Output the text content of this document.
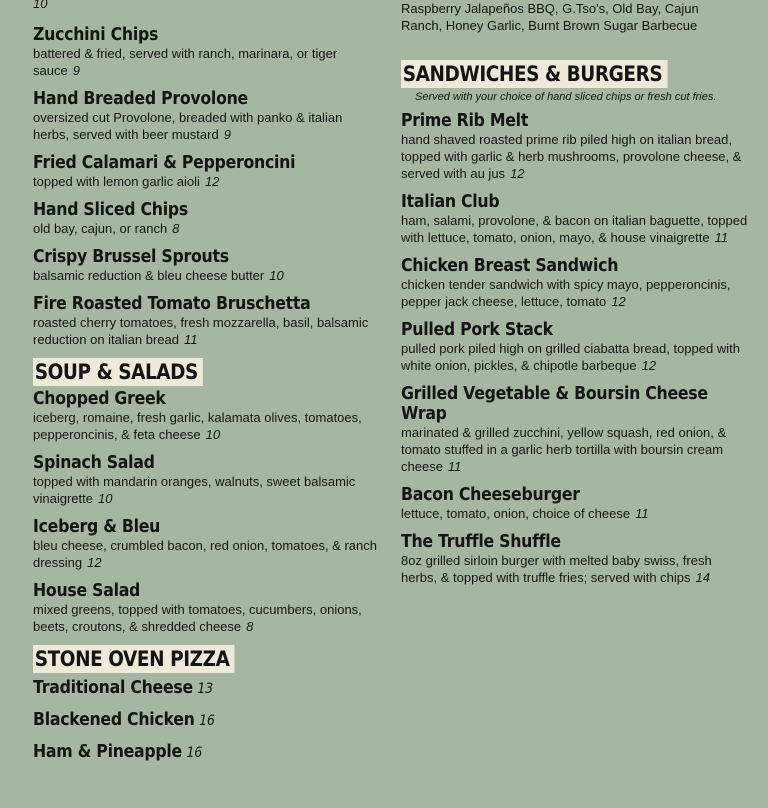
10
Zucchini Chips
battered & fried, served with ranch, marinara, or tiger sauce 9
Hand Breaded Provolone
oversized cut Provolone, breaded with panko & italian herbs, served with beer mustard 9
Fried Calamari & Pepperoncini
topped with lemon garlic aioli 12
Hand Sliced Chips
old bay, cajun, or ranch 8
Crispy Brussel Sprouts
balsamic reduction & bleu cheese butter 10
Fire Roasted Tomato Bruschetta
roasted cherry tomatoes, fresh mozzarella, basil, balsamic reduction on italian bread 11
SOUP & SALADS
Chopped Greek
iceberg, romaine, fresh garlic, kalamata olives, tomatoes, pepperoncinis, & feta cheese 10
Spinach Salad
topped with mandarin oranges, walnuts, sweet balsamic vinaigrette 10
Iceberg & Bleu
bleu cheese, crumbled bacon, red onion, tomatoes, & ranch dressing 12
House Salad
mixed greens, topped with tomatoes, cucumbers, onions, beets, croutons, & shredded cheese 8
STONE OVEN PIZZA
Traditional Cheese 13
Blackened Chicken 16
Ham & Pineapple 16
Raspberry Jalapeños BBQ, G.Tso's, Old Bay, Cajun
Ranch, Honey Garlic, Burnt Brown Sugar Barbecue
SANDWICHES & BURGERS
Served with your choice of hand sliced chips or fresh cut fries.
Prime Rib Melt
hand shaved roasted prime rib piled high on italian bread, topped with garlic & herb mushrooms, provolone cheese, & served with au jus 12
Italian Club
ham, salami, provolone, & bacon on italian baguette, topped with lettuce, tomato, onion, mayo, & house vinaigrette 11
Chicken Breast Sandwich
chicken tender sandwich with spicy mayo, pepperoncinis, pepper jack cheese, lettuce, tomato 12
Pulled Pork Stack
pulled pork piled high on grilled ciabatta bread, topped with white onion, pickles, & chipotle barbeque 12
Grilled Vegetable & Boursin Cheese Wrap
marinated & grilled zucchini, yellow squash, red onion, & tomato stuffed in a garlic herb tortilla with boursin cream cheese 11
Bacon Cheeseburger
lettuce, tomato, onion, choice of cheese 11
The Truffle Shuffle
8oz grilled sirloin burger with melted baby swiss, fresh herbs, & topped with truffle fries; served with chips 14
